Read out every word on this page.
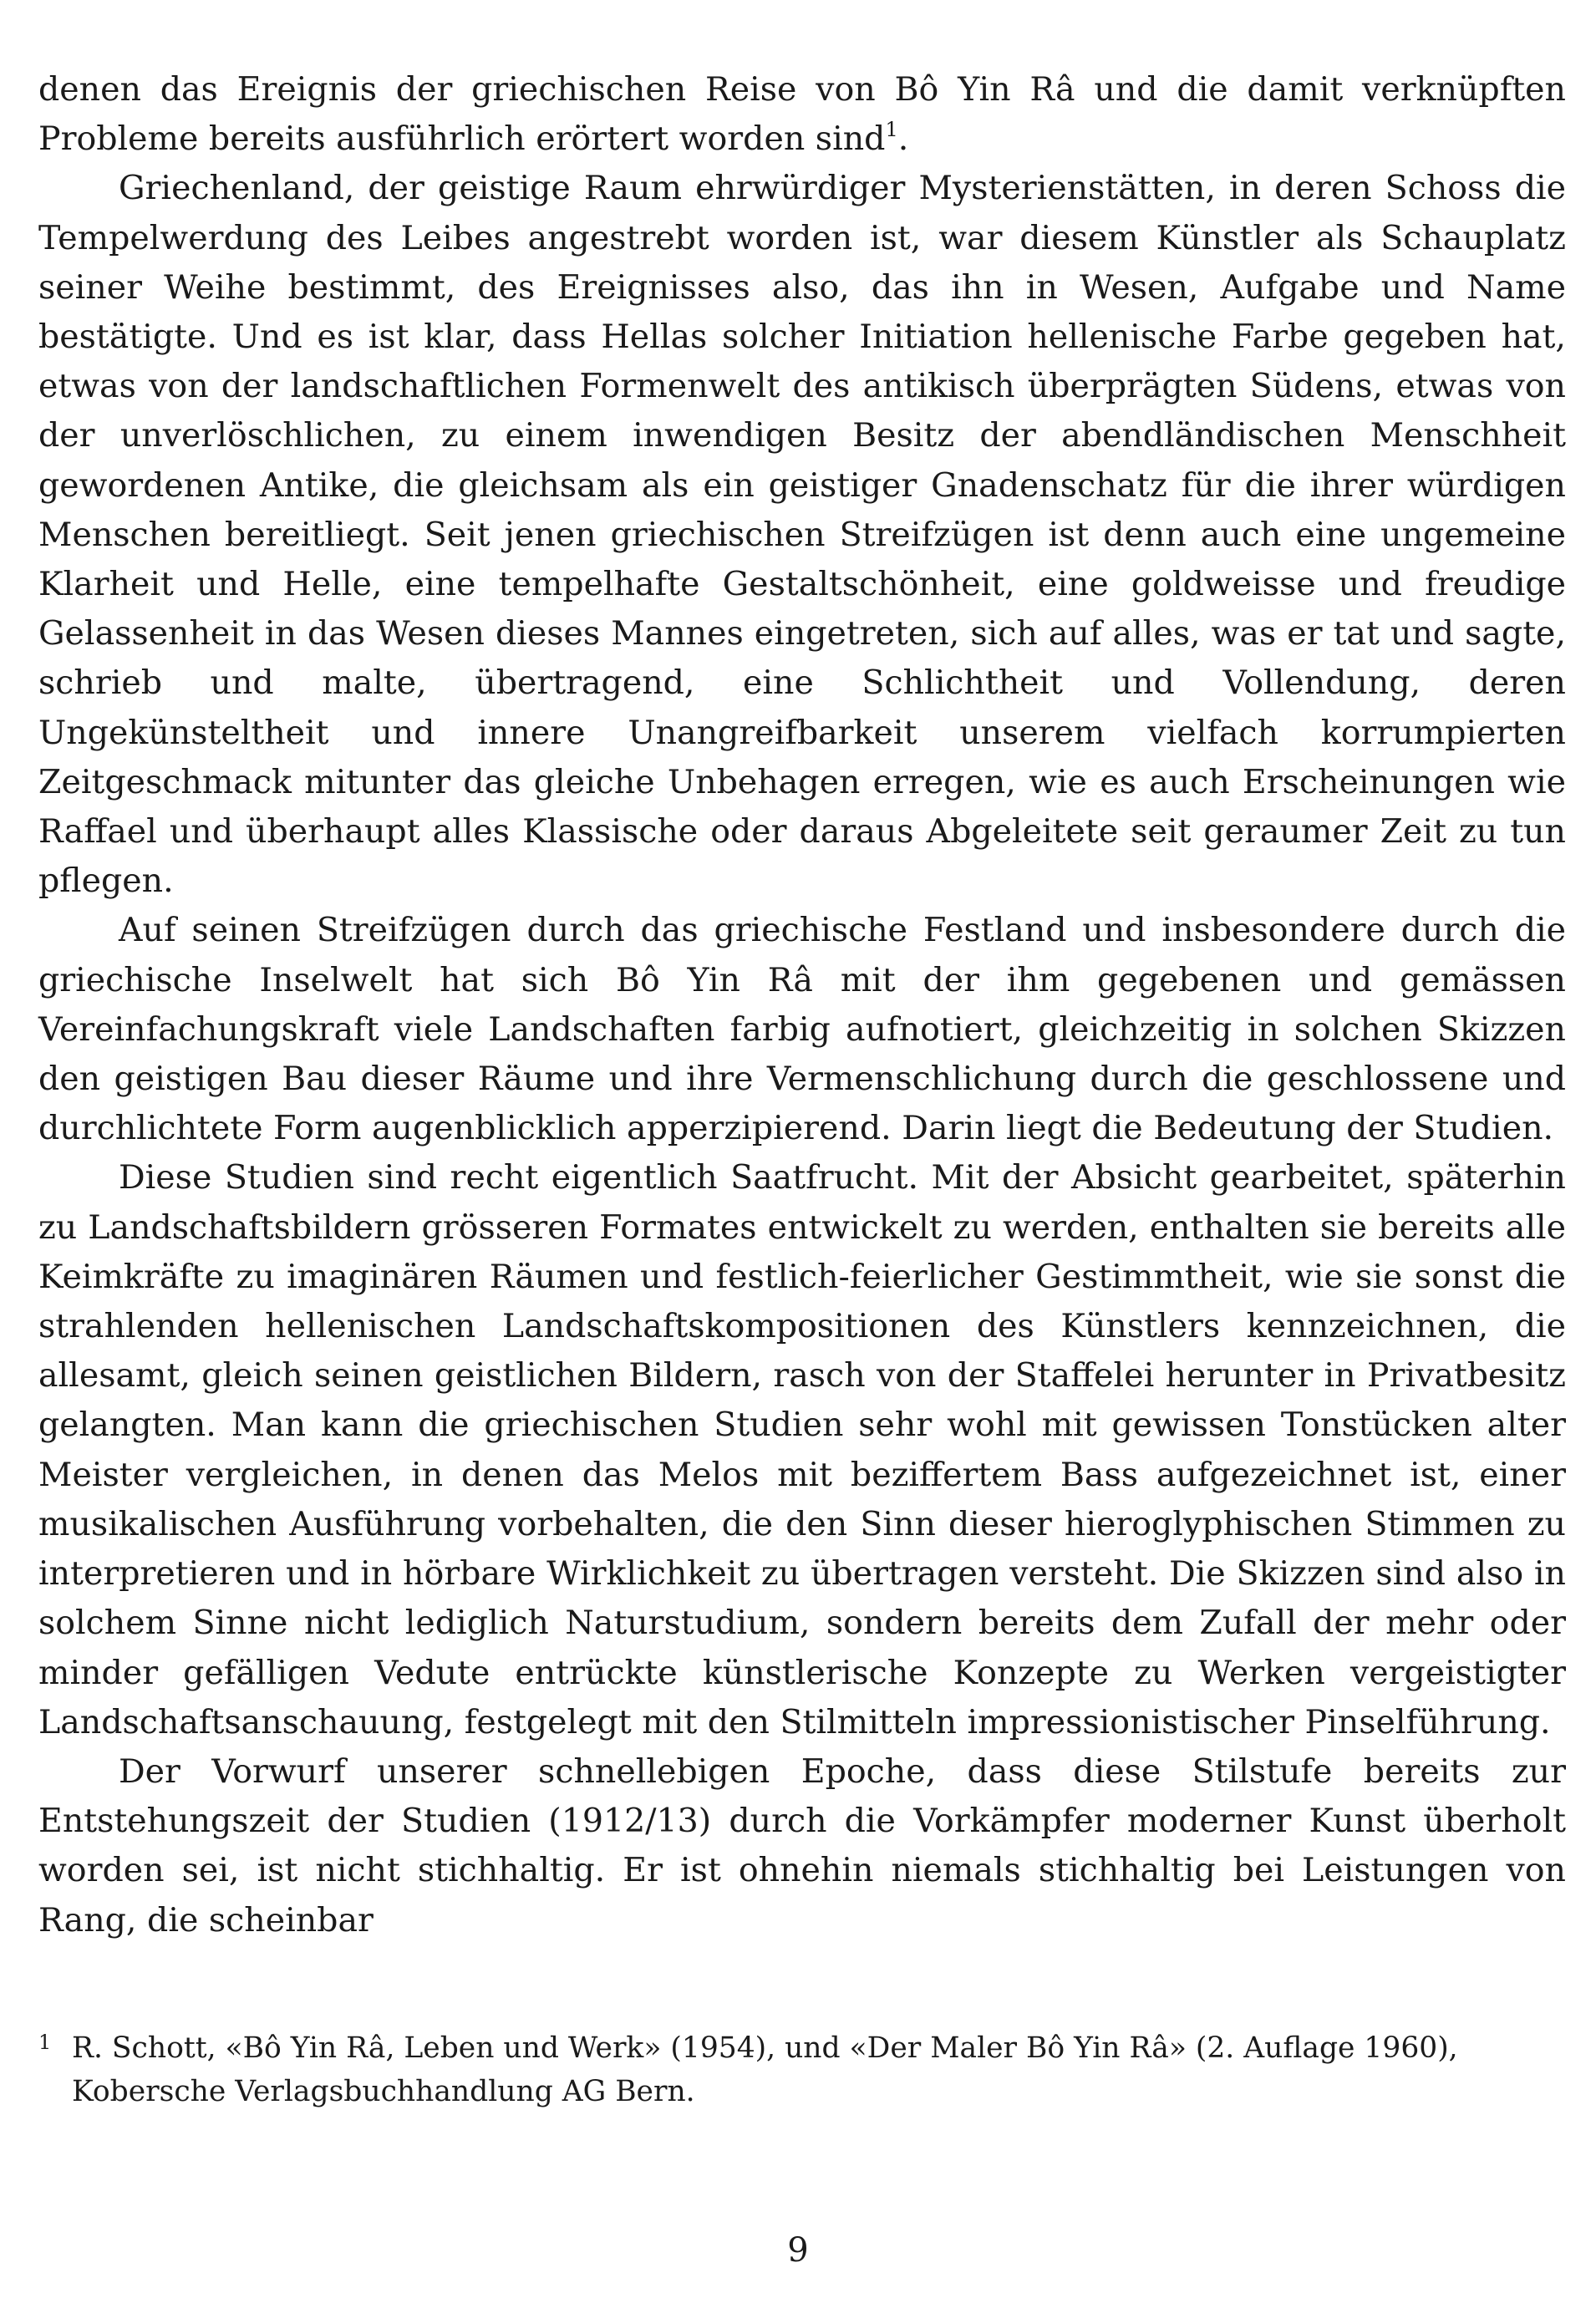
denen das Ereignis der griechischen Reise von Bô Yin Râ und die damit verknüpften Probleme bereits ausführlich erörtert worden sind$^1$.

Griechenland, der geistige Raum ehrwürdiger Mysterienstätten, in deren Schoss die Tempelwerdung des Leibes angestrebt worden ist, war diesem Künstler als Schauplatz seiner Weihe bestimmt, des Ereignisses also, das ihn in Wesen, Aufgabe und Name bestätigte. Und es ist klar, dass Hellas solcher Initiation hellenische Farbe gegeben hat, etwas von der landschaftlichen Formenwelt des antikisch überprägten Südens, etwas von der unverlöschlichen, zu einem inwendigen Besitz der abendländischen Menschheit gewordenen Antike, die gleichsam als ein geistiger Gnadenschatz für die ihrer würdigen Menschen bereitliegt. Seit jenen griechischen Streifzügen ist denn auch eine ungemeine Klarheit und Helle, eine tempelhafte Gestaltschönheit, eine goldweisse und freudige Gelassenheit in das Wesen dieses Mannes eingetreten, sich auf alles, was er tat und sagte, schrieb und malte, übertragend, eine Schlichtheit und Vollendung, deren Ungekünsteltheit und innere Unangreifbarkeit unserem vielfach korrumpierten Zeitgeschmack mitunter das gleiche Unbehagen erregen, wie es auch Erscheinungen wie Raffael und überhaupt alles Klassische oder daraus Abgeleitete seit geraumer Zeit zu tun pflegen.

Auf seinen Streifzügen durch das griechische Festland und insbesondere durch die griechische Inselwelt hat sich Bô Yin Râ mit der ihm gegebenen und gemässen Vereinfachungskraft viele Landschaften farbig aufnotiert, gleichzeitig in solchen Skizzen den geistigen Bau dieser Räume und ihre Vermenschlichung durch die geschlossene und durchlichtete Form augenblicklich apperzipierend. Darin liegt die Bedeutung der Studien.

Diese Studien sind recht eigentlich Saatfrucht. Mit der Absicht gearbeitet, späterhin zu Landschaftsbildern grösseren Formates entwickelt zu werden, enthalten sie bereits alle Keimkräfte zu imaginären Räumen und festlich-feierlicher Gestimmtheit, wie sie sonst die strahlenden hellenischen Landschaftskompositionen des Künstlers kennzeichnen, die allesamt, gleich seinen geistlichen Bildern, rasch von der Staffelei herunter in Privatbesitz gelangten. Man kann die griechischen Studien sehr wohl mit gewissen Tonstücken alter Meister vergleichen, in denen das Melos mit beziffertem Bass aufgezeichnet ist, einer musikalischen Ausführung vorbehalten, die den Sinn dieser hieroglyphischen Stimmen zu interpretieren und in hörbare Wirklichkeit zu übertragen versteht. Die Skizzen sind also in solchem Sinne nicht lediglich Naturstudium, sondern bereits dem Zufall der mehr oder minder gefälligen Vedute entrückte künstlerische Konzepte zu Werken vergeistigter Landschaftsanschauung, festgelegt mit den Stilmitteln impressionistischer Pinselführung.

Der Vorwurf unserer schnellebigen Epoche, dass diese Stilstufe bereits zur Entstehungszeit der Studien (1912/13) durch die Vorkämpfer moderner Kunst überholt worden sei, ist nicht stichhaltig. Er ist ohnehin niemals stichhaltig bei Leistungen von Rang, die scheinbar

1 R. Schott, «Bô Yin Râ, Leben und Werk» (1954), und «Der Maler Bô Yin Râ» (2. Auflage 1960),

Kobersche Verlagsbuchhandlung AG Bern.

9
